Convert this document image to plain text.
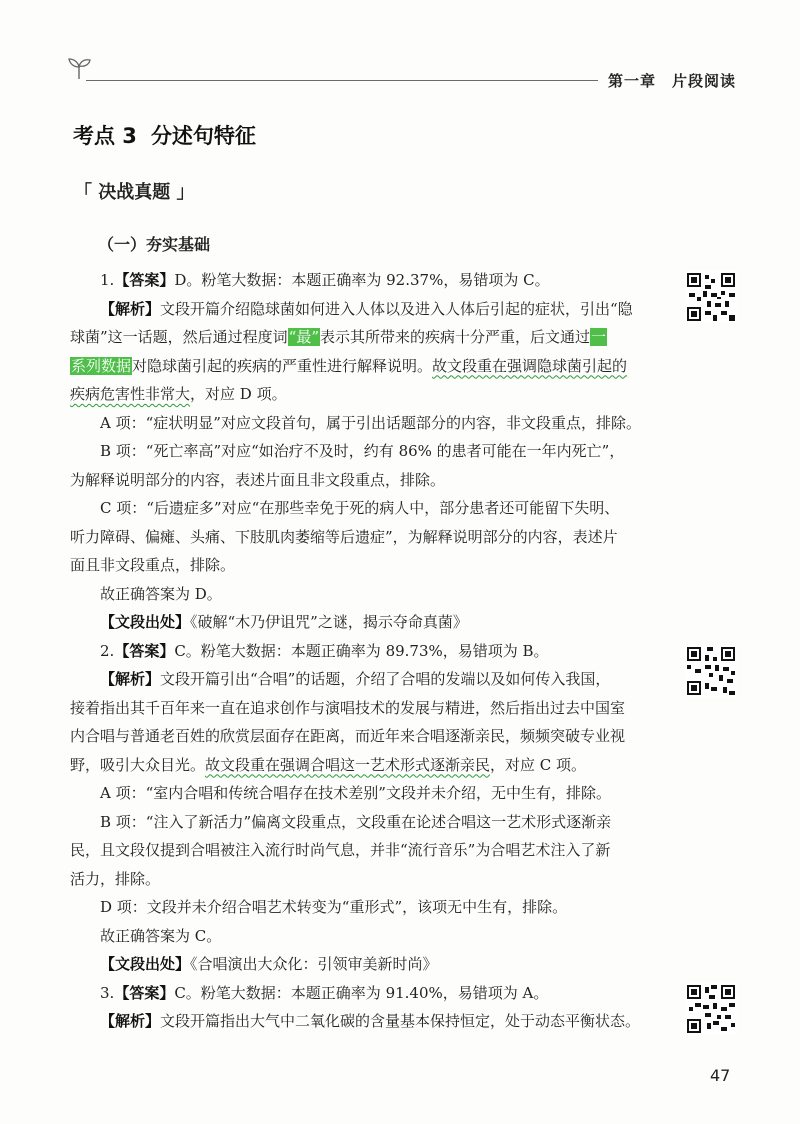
第一章 片段阅读
考点 3 分述句特征
「 决战真题 」
（一）夯实基础

1.【答案】D。粉笔大数据：本题正确率为 92.37%，易错项为 C。

【解析】文段开篇介绍隐球菌如何进入人体以及进入人体后引起的症状，引出“隐

球菌”这一话题，然后通过程度词“最”表示其所带来的疾病十分严重，后文通过一

系列数据对隐球菌引起的疾病的严重性进行解释说明。故文段重在强调隐球菌引起的

疾病危害性非常大，对应 D 项。

A 项：“症状明显”对应文段首句，属于引出话题部分的内容，非文段重点，排除。

B 项：“死亡率高”对应“如治疗不及时，约有 86% 的患者可能在一年内死亡”，

为解释说明部分的内容，表述片面且非文段重点，排除。

C 项：“后遗症多”对应“在那些幸免于死的病人中，部分患者还可能留下失明、

听力障碍、偏瘫、头痛、下肢肌肉萎缩等后遗症”，为解释说明部分的内容，表述片

面且非文段重点，排除。

故正确答案为 D。

【文段出处】《破解“木乃伊诅咒”之谜，揭示夺命真菌》

2.【答案】C。粉笔大数据：本题正确率为 89.73%，易错项为 B。

【解析】文段开篇引出“合唱”的话题，介绍了合唱的发端以及如何传入我国，

接着指出其千百年来一直在追求创作与演唱技术的发展与精进，然后指出过去中国室

内合唱与普通老百姓的欣赏层面存在距离，而近年来合唱逐渐亲民，频频突破专业视

野，吸引大众目光。故文段重在强调合唱这一艺术形式逐渐亲民，对应 C 项。

A 项：“室内合唱和传统合唱存在技术差别”文段并未介绍，无中生有，排除。

B 项：“注入了新活力”偏离文段重点，文段重在论述合唱这一艺术形式逐渐亲

民，且文段仅提到合唱被注入流行时尚气息，并非“流行音乐”为合唱艺术注入了新

活力，排除。

D 项：文段并未介绍合唱艺术转变为“重形式”，该项无中生有，排除。

故正确答案为 C。

【文段出处】《合唱演出大众化：引领审美新时尚》

3.【答案】C。粉笔大数据：本题正确率为 91.40%，易错项为 A。

【解析】文段开篇指出大气中二氧化碳的含量基本保持恒定，处于动态平衡状态。

47
